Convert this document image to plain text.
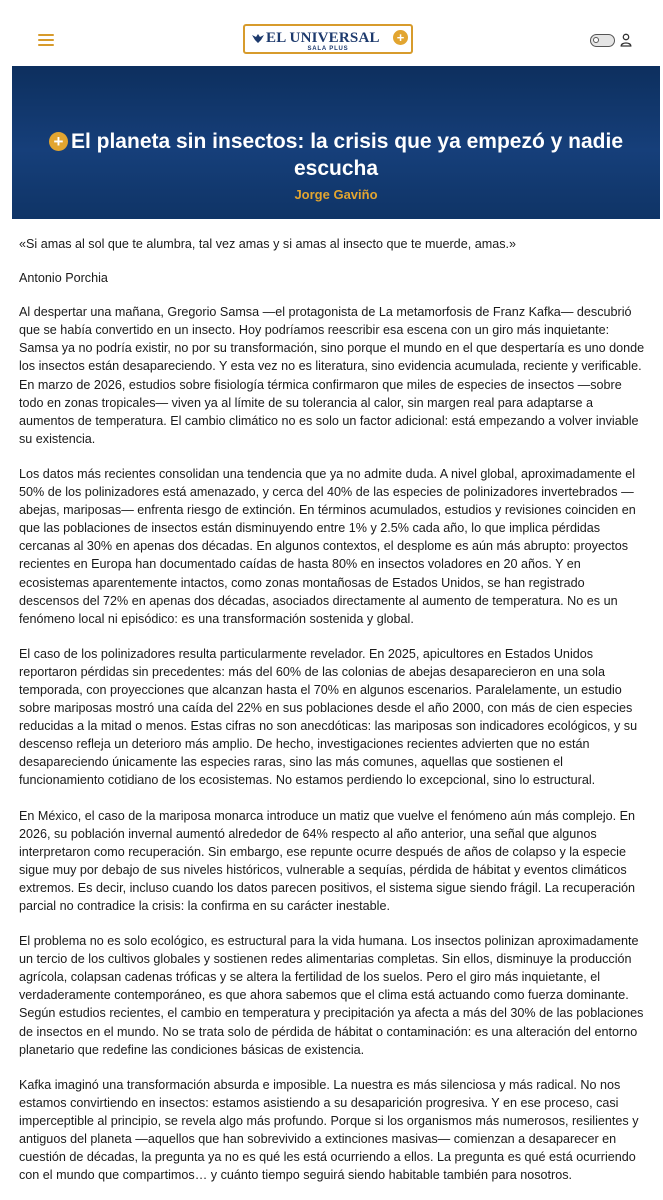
EL UNIVERSAL
SALA PLUS
+
+ El planeta sin insectos: la crisis que ya empezó y nadie escucha
Jorge Gaviño

«Si amas al sol que te alumbra, tal vez amas y si amas al insecto que te muerde, amas.»

Antonio Porchia

Al despertar una mañana, Gregorio Samsa —el protagonista de La metamorfosis de Franz Kafka— descubrió que se había convertido en un insecto. Hoy podríamos reescribir esa escena con un giro más inquietante: Samsa ya no podría existir, no por su transformación, sino porque el mundo en el que despertaría es uno donde los insectos están desapareciendo. Y esta vez no es literatura, sino evidencia acumulada, reciente y verificable. En marzo de 2026, estudios sobre fisiología térmica confirmaron que miles de especies de insectos —sobre todo en zonas tropicales— viven ya al límite de su tolerancia al calor, sin margen real para adaptarse a aumentos de temperatura. El cambio climático no es solo un factor adicional: está empezando a volver inviable su existencia.

Los datos más recientes consolidan una tendencia que ya no admite duda. A nivel global, aproximadamente el 50% de los polinizadores está amenazado, y cerca del 40% de las especies de polinizadores invertebrados —abejas, mariposas— enfrenta riesgo de extinción. En términos acumulados, estudios y revisiones coinciden en que las poblaciones de insectos están disminuyendo entre 1% y 2.5% cada año, lo que implica pérdidas cercanas al 30% en apenas dos décadas. En algunos contextos, el desplome es aún más abrupto: proyectos recientes en Europa han documentado caídas de hasta 80% en insectos voladores en 20 años. Y en ecosistemas aparentemente intactos, como zonas montañosas de Estados Unidos, se han registrado descensos del 72% en apenas dos décadas, asociados directamente al aumento de temperatura. No es un fenómeno local ni episódico: es una transformación sostenida y global.

El caso de los polinizadores resulta particularmente revelador. En 2025, apicultores en Estados Unidos reportaron pérdidas sin precedentes: más del 60% de las colonias de abejas desaparecieron en una sola temporada, con proyecciones que alcanzan hasta el 70% en algunos escenarios. Paralelamente, un estudio sobre mariposas mostró una caída del 22% en sus poblaciones desde el año 2000, con más de cien especies reducidas a la mitad o menos. Estas cifras no son anecdóticas: las mariposas son indicadores ecológicos, y su descenso refleja un deterioro más amplio. De hecho, investigaciones recientes advierten que no están desapareciendo únicamente las especies raras, sino las más comunes, aquellas que sostienen el funcionamiento cotidiano de los ecosistemas. No estamos perdiendo lo excepcional, sino lo estructural.

En México, el caso de la mariposa monarca introduce un matiz que vuelve el fenómeno aún más complejo. En 2026, su población invernal aumentó alrededor de 64% respecto al año anterior, una señal que algunos interpretaron como recuperación. Sin embargo, ese repunte ocurre después de años de colapso y la especie sigue muy por debajo de sus niveles históricos, vulnerable a sequías, pérdida de hábitat y eventos climáticos extremos. Es decir, incluso cuando los datos parecen positivos, el sistema sigue siendo frágil. La recuperación parcial no contradice la crisis: la confirma en su carácter inestable.

El problema no es solo ecológico, es estructural para la vida humana. Los insectos polinizan aproximadamente un tercio de los cultivos globales y sostienen redes alimentarias completas. Sin ellos, disminuye la producción agrícola, colapsan cadenas tróficas y se altera la fertilidad de los suelos. Pero el giro más inquietante, el verdaderamente contemporáneo, es que ahora sabemos que el clima está actuando como fuerza dominante. Según estudios recientes, el cambio en temperatura y precipitación ya afecta a más del 30% de las poblaciones de insectos en el mundo. No se trata solo de pérdida de hábitat o contaminación: es una alteración del entorno planetario que redefine las condiciones básicas de existencia.

Kafka imaginó una transformación absurda e imposible. La nuestra es más silenciosa y más radical. No nos estamos convirtiendo en insectos: estamos asistiendo a su desaparición progresiva. Y en ese proceso, casi imperceptible al principio, se revela algo más profundo. Porque si los organismos más numerosos, resilientes y antiguos del planeta —aquellos que han sobrevivido a extinciones masivas— comienzan a desaparecer en cuestión de décadas, la pregunta ya no es qué les está ocurriendo a ellos. La pregunta es qué está ocurriendo con el mundo que compartimos… y cuánto tiempo seguirá siendo habitable también para nosotros.
